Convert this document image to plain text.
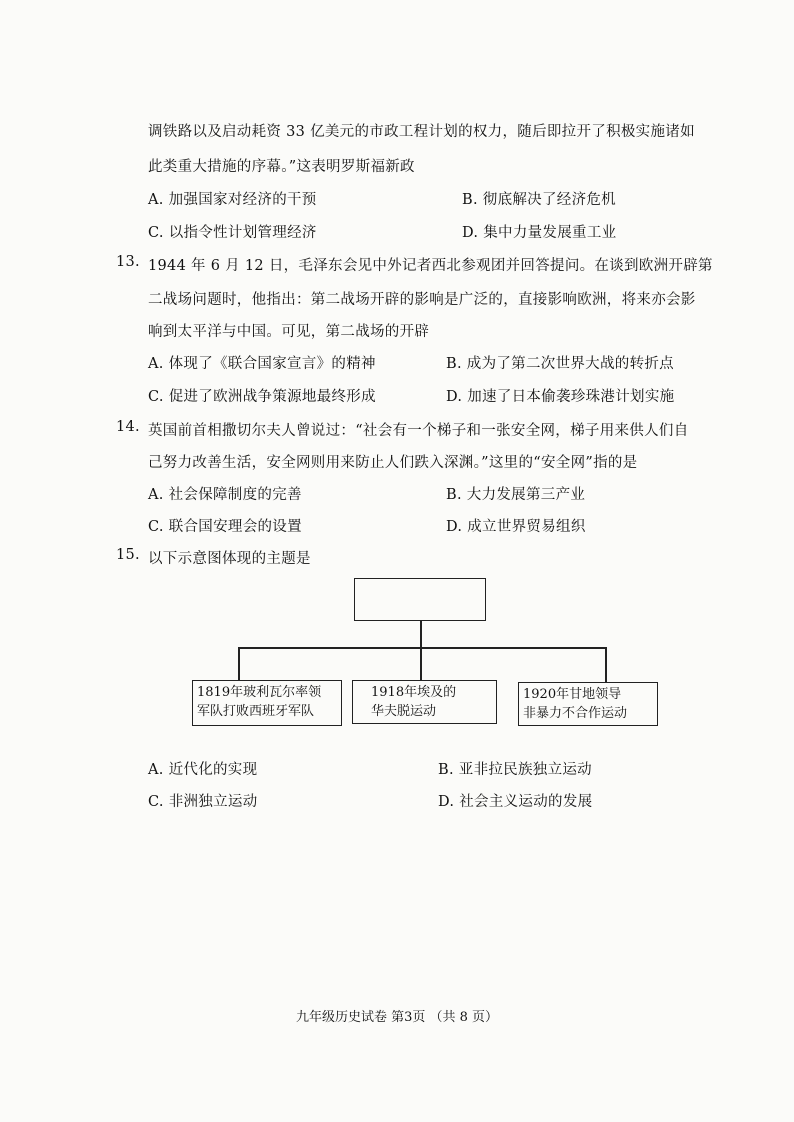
调铁路以及启动耗资 33 亿美元的市政工程计划的权力，随后即拉开了积极实施诸如
此类重大措施的序幕。”这表明罗斯福新政
A. 加强国家对经济的干预	B. 彻底解决了经济危机
C. 以指令性计划管理经济	D. 集中力量发展重工业
13. 1944 年 6 月 12 日，毛泽东会见中外记者西北参观团并回答提问。在谈到欧洲开辟第
二战场问题时，他指出：第二战场开辟的影响是广泛的，直接影响欧洲，将来亦会影
响到太平洋与中国。可见，第二战场的开辟
A. 体现了《联合国家宣言》的精神	B. 成为了第二次世界大战的转折点
C. 促进了欧洲战争策源地最终形成	D. 加速了日本偷袭珍珠港计划实施
14. 英国前首相撒切尔夫人曾说过：“社会有一个梯子和一张安全网，梯子用来供人们自
己努力改善生活，安全网则用来防止人们跌入深渊。”这里的“安全网”指的是
A. 社会保障制度的完善	B. 大力发展第三产业
C. 联合国安理会的设置	D. 成立世界贸易组织
15. 以下示意图体现的主题是
1819年玻利瓦尔率领
军队打败西班牙军队
1918年埃及的
华夫脱运动
1920年甘地领导
非暴力不合作运动
A. 近代化的实现	B. 亚非拉民族独立运动
C. 非洲独立运动	D. 社会主义运动的发展
九年级历史试卷 第3页 （共 8 页）
